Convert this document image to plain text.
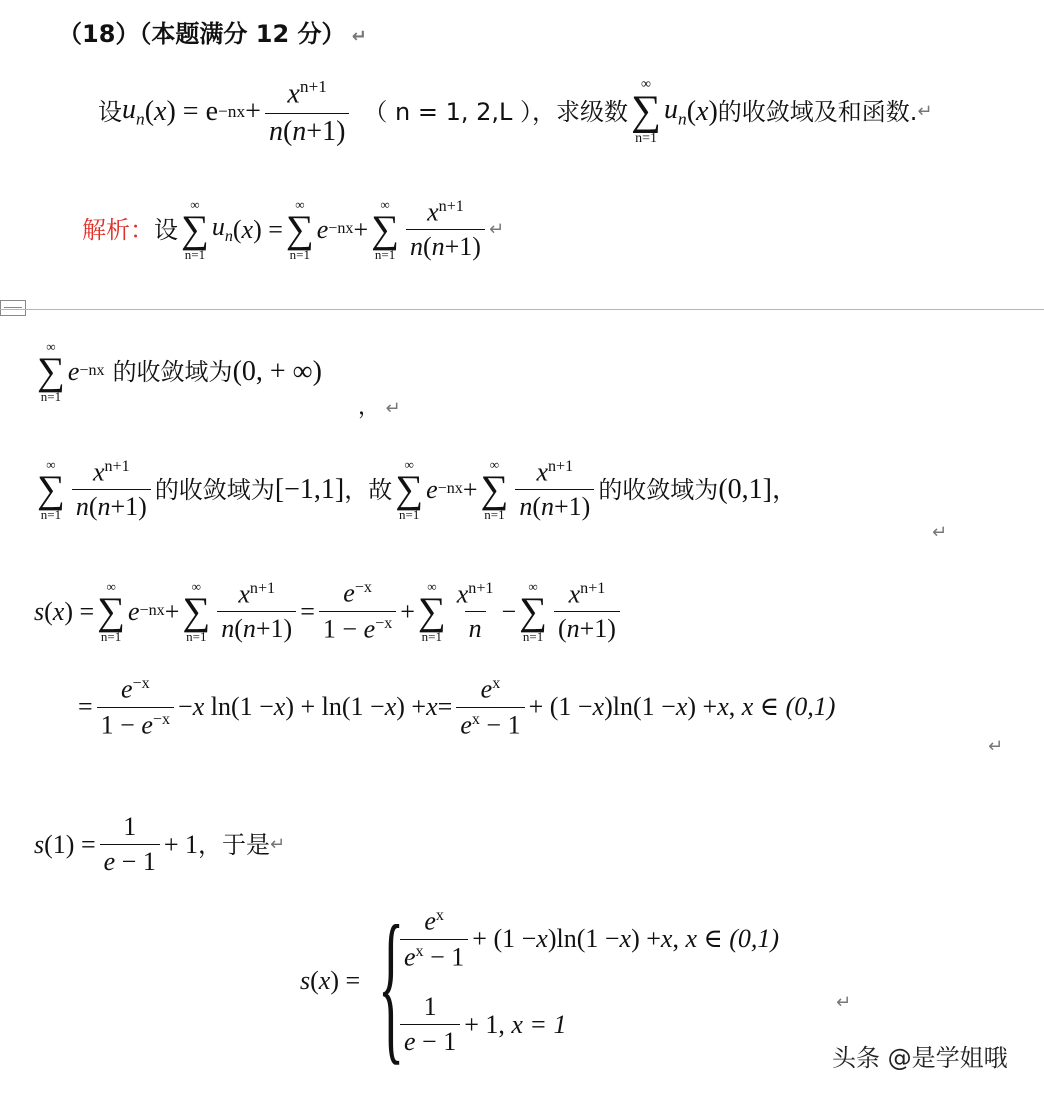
（18）（本题满分 12 分） ↵
设 $u_n$ ( x ) = $e -nx + \frac{x^{n+1}}{n(n+1)}$ （ n = 1, 2,L ）， 求级数
∞
∑
n=1
$u_n$ ( x ) 的收敛域及和函数. ↵
解析： 设
∞
∑
n=1
$u_n$ ( x ) =
∞
∑
n=1
e −nx +
∞
∑
$n=1 \frac{x^{n+1}}{n(n+1)}$ ↵
∞
∑
n=1
e −nx 的收敛域为 (0, + ∞)
， ↵
∞
∑
$n=1 \frac{x^{n+1}}{n(n+1)}$ 的收敛域为 [−1,1] ，故
∞
∑
n=1
e −nx +
∞
∑
$n=1 \frac{x^{n+1}}{n(n+1)}$ 的收敛域为 (0,1] ，
↵
s ( x ) =
∞
∑
n=1
e −nx +
∞
∑
$n=1 \frac{x^{n+1}}{n(n+1)} = \frac{e^{-x}}{1 - e^{-x}}$ +
∞
∑
$n=1 \frac{x^{n+1}}{n}$ −
∞
∑
$n=1 \frac{x^{n+1}}{(n+1)}$
= $\frac{e^{-x}}{1 - e^{-x}} - x$ ln(1 − x ) + ln(1 − x ) + $x = \frac{e^x}{e^x - 1} + (1 - x$ )ln(1 − x ) + x , x ∈ (0,1)
↵
s $(1) = \frac{1}{e - 1} + 1$ ，于是 ↵
s(x) = {
$\frac{e^x}{e^x - 1} + (1 - x$ )ln(1 − x ) + x , x ∈ (0,1)
$\frac{1}{e - 1} + 1$, x = 1
↵
头条 @是学姐哦
